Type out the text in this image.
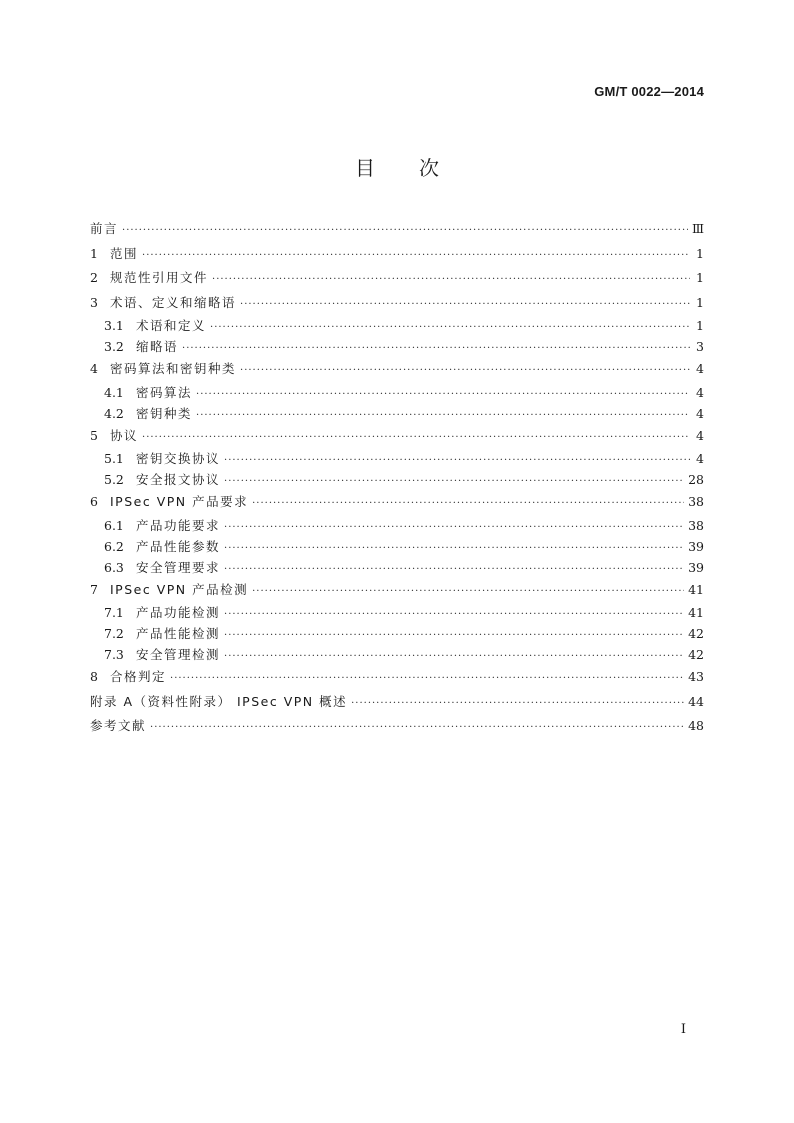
GM/T 0022—2014
目 次
前言 ·····	Ⅲ
1 范围 ·····	1
2 规范性引用文件 ·····	1
3 术语、定义和缩略语 ·····	1
3.1 术语和定义 ·····	1
3.2 缩略语 ·····	3
4 密码算法和密钥种类 ·····	4
4.1 密码算法 ·····	4
4.2 密钥种类 ·····	4
5 协议 ·····	4
5.1 密钥交换协议 ·····	4
5.2 安全报文协议 ·····	28
6 IPSec VPN 产品要求 ·····	38
6.1 产品功能要求 ·····	38
6.2 产品性能参数 ·····	39
6.3 安全管理要求 ·····	39
7 IPSec VPN 产品检测 ·····	41
7.1 产品功能检测 ·····	41
7.2 产品性能检测 ·····	42
7.3 安全管理检测 ·····	42
8 合格判定 ·····	43
附录 A（资料性附录） IPSec VPN 概述 ·····	44
参考文献 ·····	48
I
